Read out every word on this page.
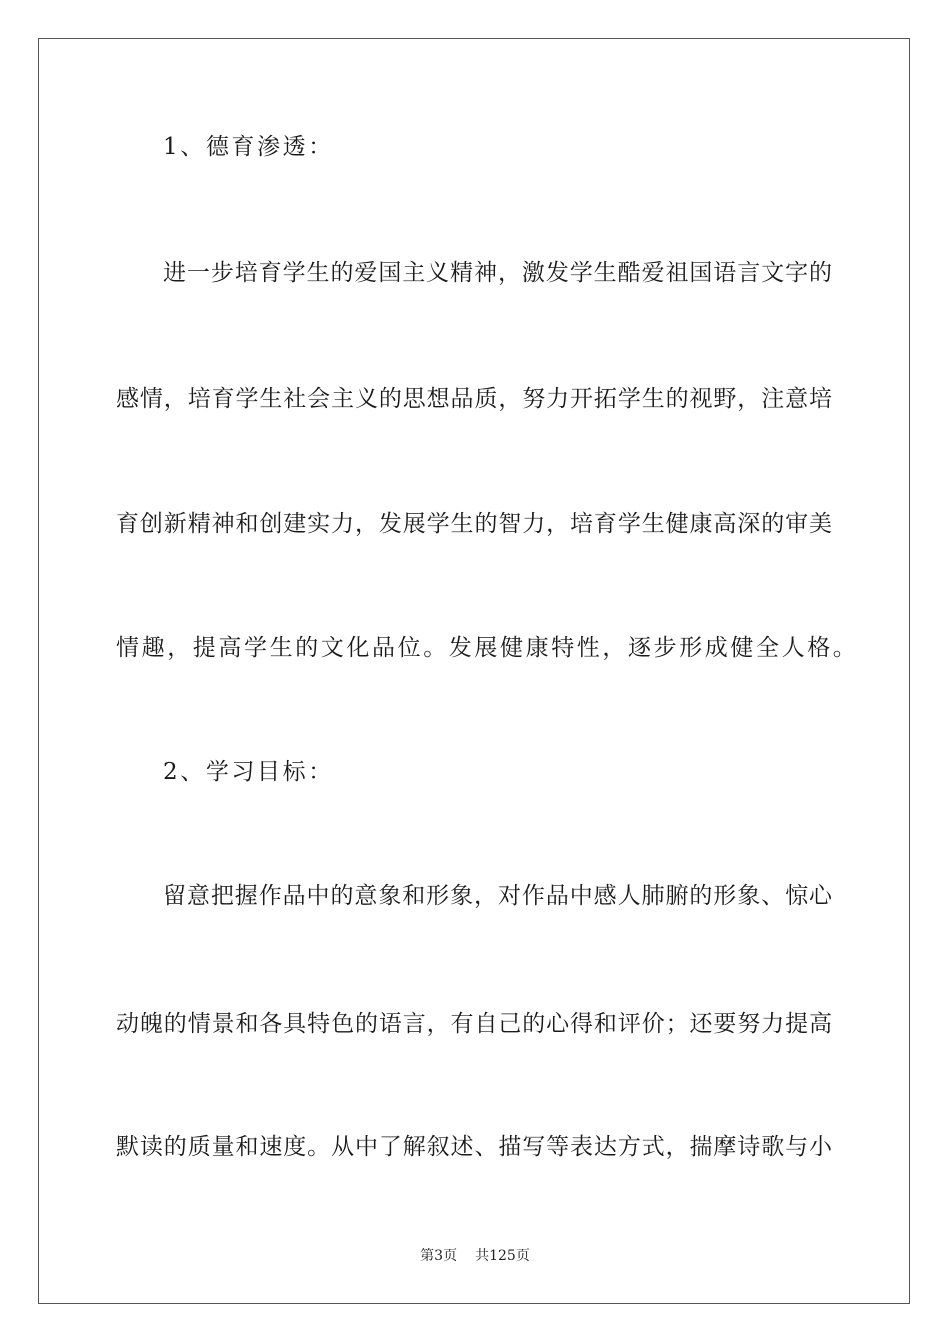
1、德育渗透：
进一步培育学生的爱国主义精神，激发学生酷爱祖国语言文字的
感情，培育学生社会主义的思想品质，努力开拓学生的视野，注意培
育创新精神和创建实力，发展学生的智力，培育学生健康高深的审美
情趣，提高学生的文化品位。发展健康特性，逐步形成健全人格。
2、学习目标：
留意把握作品中的意象和形象，对作品中感人肺腑的形象、惊心
动魄的情景和各具特色的语言，有自己的心得和评价；还要努力提高
默读的质量和速度。从中了解叙述、描写等表达方式，揣摩诗歌与小
第3页 共125页
